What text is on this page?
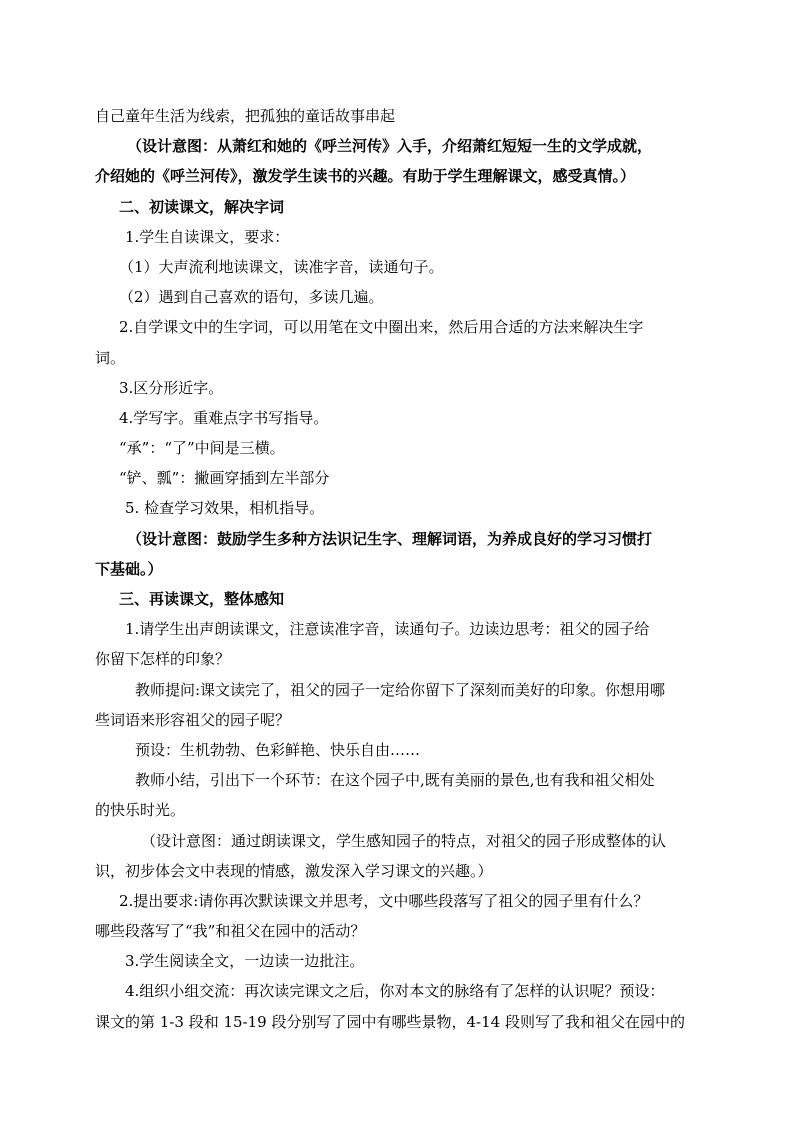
自己童年生活为线索，把孤独的童话故事串起
（设计意图：从萧红和她的《呼兰河传》入手，介绍萧红短短一生的文学成就，
介绍她的《呼兰河传》，激发学生读书的兴趣。有助于学生理解课文，感受真情。）
二、初读课文，解决字词
1.学生自读课文，要求：
（1）大声流利地读课文，读准字音，读通句子。
（2）遇到自己喜欢的语句，多读几遍。
2.自学课文中的生字词，可以用笔在文中圈出来，然后用合适的方法来解决生字
词。
3.区分形近字。
4.学写字。重难点字书写指导。
“承”：“了”中间是三横。
“铲、瓢”：撇画穿插到左半部分
5. 检查学习效果，相机指导。
（设计意图：鼓励学生多种方法识记生字、理解词语，为养成良好的学习习惯打
下基础。）
三、再读课文，整体感知
1.请学生出声朗读课文，注意读准字音，读通句子。边读边思考：祖父的园子给
你留下怎样的印象？
教师提问:课文读完了，祖父的园子一定给你留下了深刻而美好的印象。你想用哪
些词语来形容祖父的园子呢？
预设：生机勃勃、色彩鲜艳、快乐自由……
教师小结，引出下一个环节：在这个园子中,既有美丽的景色,也有我和祖父相处
的快乐时光。
（设计意图：通过朗读课文，学生感知园子的特点，对祖父的园子形成整体的认
识，初步体会文中表现的情感，激发深入学习课文的兴趣。）
2.提出要求:请你再次默读课文并思考，文中哪些段落写了祖父的园子里有什么？
哪些段落写了“我”和祖父在园中的活动？
3.学生阅读全文，一边读一边批注。
4.组织小组交流：再次读完课文之后，你对本文的脉络有了怎样的认识呢？预设：
课文的第 1-3 段和 15-19 段分别写了园中有哪些景物，4-14 段则写了我和祖父在园中的
